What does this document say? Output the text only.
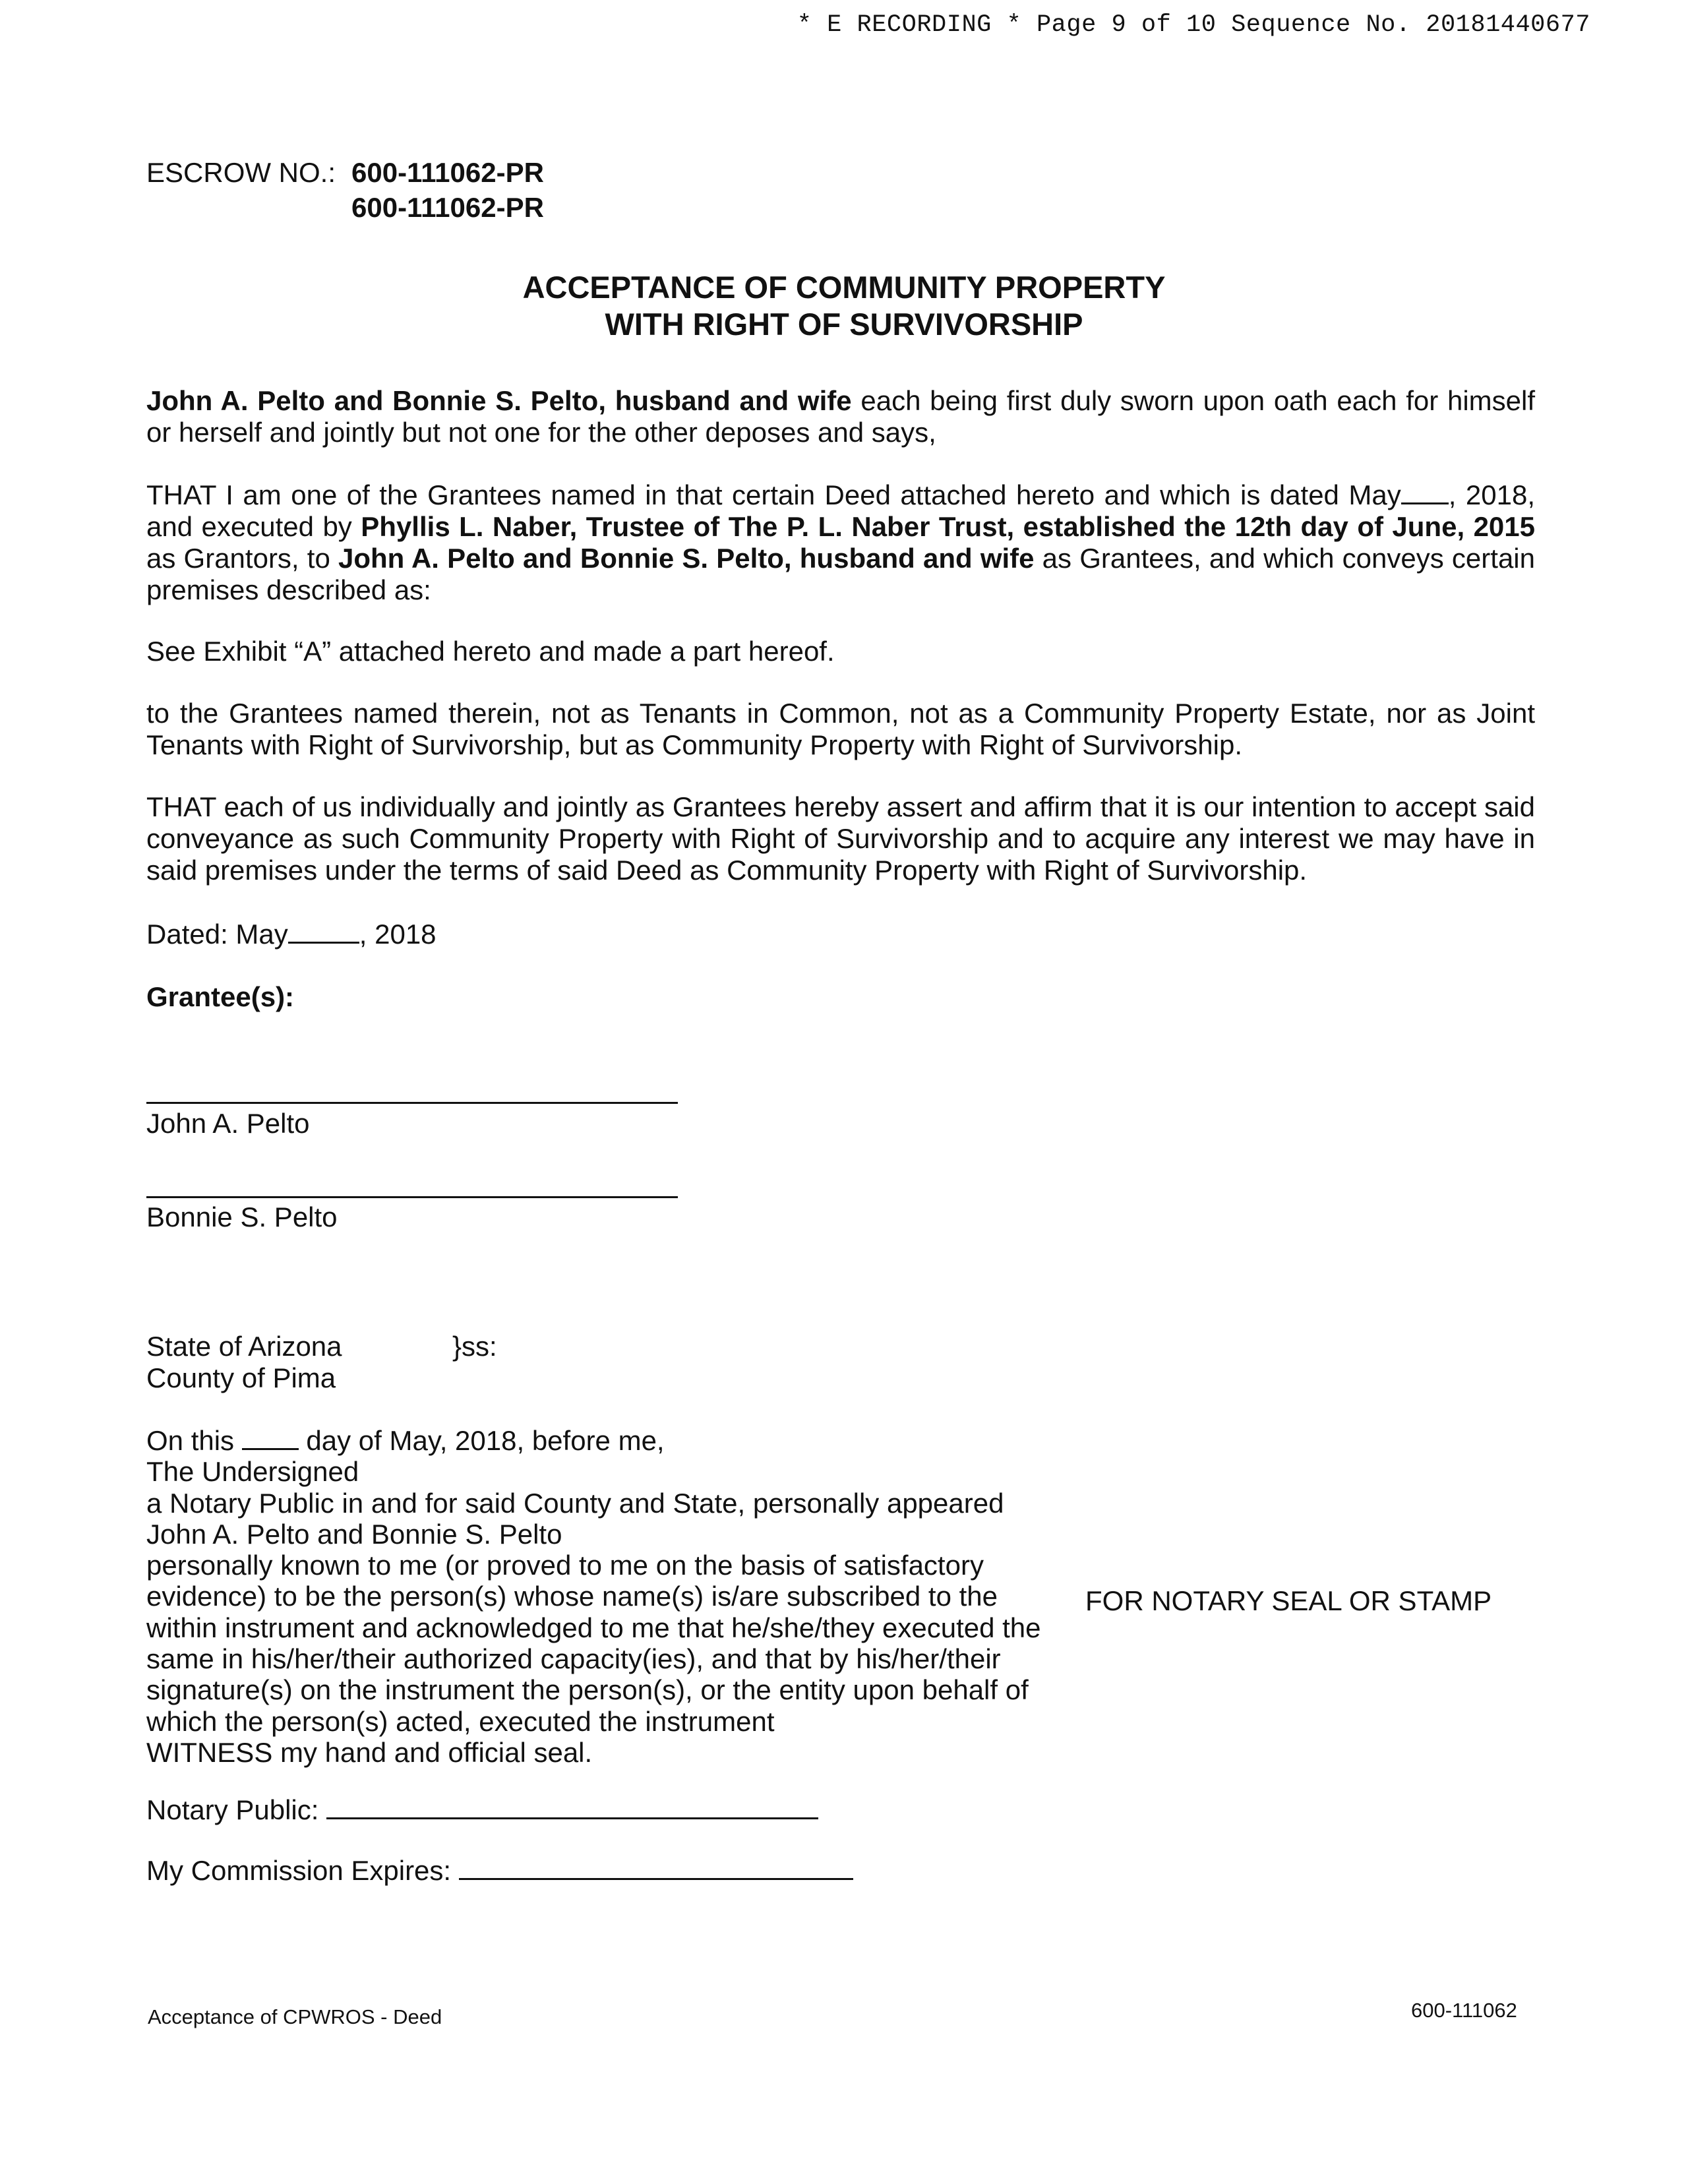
* E RECORDING * Page 9 of 10 Sequence No. 20181440677
ESCROW NO.: 600-111062-PR
600-111062-PR
ACCEPTANCE OF COMMUNITY PROPERTY
WITH RIGHT OF SURVIVORSHIP
John A. Pelto and Bonnie S. Pelto, husband and wife each being first duly sworn upon oath each for himself or herself and jointly but not one for the other deposes and says,
THAT I am one of the Grantees named in that certain Deed attached hereto and which is dated May , 2018, and executed by Phyllis L. Naber, Trustee of The P. L. Naber Trust, established the 12th day of June, 2015 as Grantors, to John A. Pelto and Bonnie S. Pelto, husband and wife as Grantees, and which conveys certain premises described as:
See Exhibit “A” attached hereto and made a part hereof.
to the Grantees named therein, not as Tenants in Common, not as a Community Property Estate, nor as Joint Tenants with Right of Survivorship, but as Community Property with Right of Survivorship.
THAT each of us individually and jointly as Grantees hereby assert and affirm that it is our intention to accept said conveyance as such Community Property with Right of Survivorship and to acquire any interest we may have in said premises under the terms of said Deed as Community Property with Right of Survivorship.
Dated: May	, 2018
Grantee(s):
John A. Pelto
Bonnie S. Pelto
State of Arizona	}ss:
County of Pima
On this	day of May, 2018, before me,
The Undersigned
a Notary Public in and for said County and State, personally appeared
John A. Pelto and Bonnie S. Pelto
personally known to me (or proved to me on the basis of satisfactory
evidence) to be the person(s) whose name(s) is/are subscribed to the
within instrument and acknowledged to me that he/she/they executed the
same in his/her/their authorized capacity(ies), and that by his/her/their
signature(s) on the instrument the person(s), or the entity upon behalf of
which the person(s) acted, executed the instrument
WITNESS my hand and official seal.
FOR NOTARY SEAL OR STAMP
Notary Public:
My Commission Expires:
Acceptance of CPWROS - Deed	600-111062
